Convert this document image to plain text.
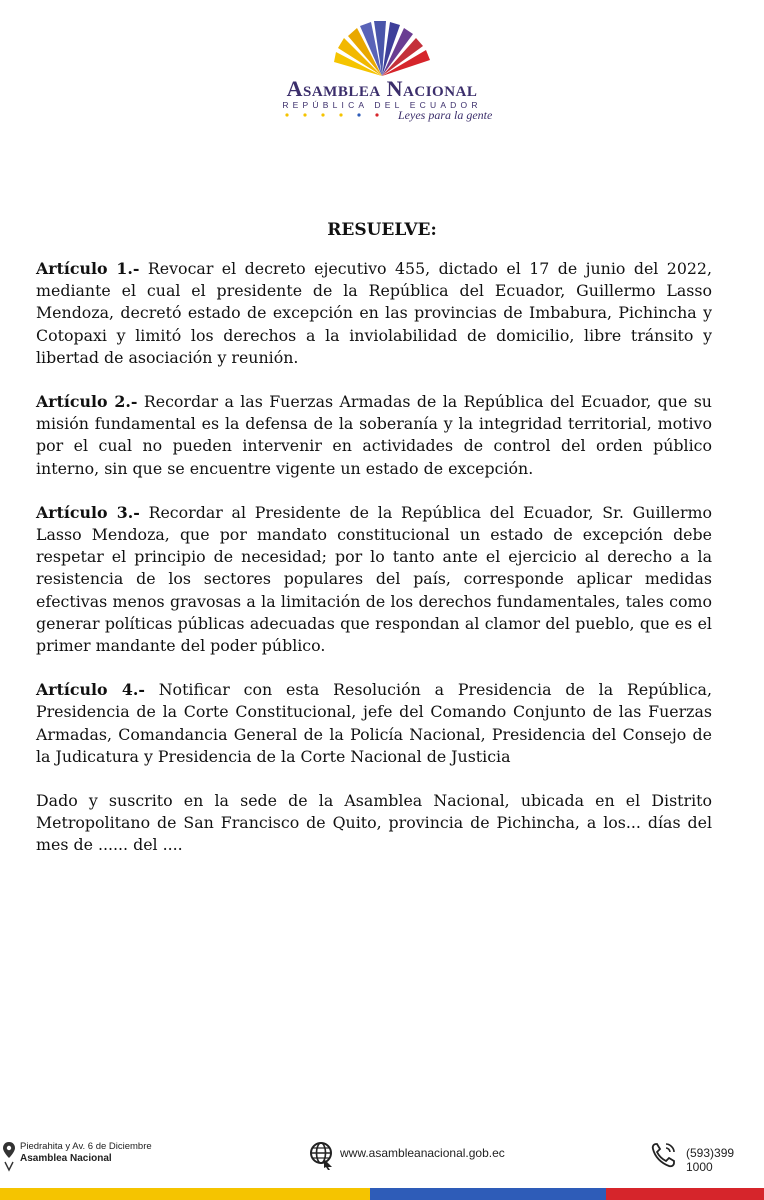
Asamblea Nacional
REPÚBLICA DEL ECUADOR
Leyes para la gente
RESUELVE:

Artículo 1.- Revocar el decreto ejecutivo 455, dictado el 17 de junio del 2022, mediante el cual el presidente de la República del Ecuador, Guillermo Lasso Mendoza, decretó estado de excepción en las provincias de Imbabura, Pichincha y Cotopaxi y limitó los derechos a la inviolabilidad de domicilio, libre tránsito y libertad de asociación y reunión.

Artículo 2.- Recordar a las Fuerzas Armadas de la República del Ecuador, que su misión fundamental es la defensa de la soberanía y la integridad territorial, motivo por el cual no pueden intervenir en actividades de control del orden público interno, sin que se encuentre vigente un estado de excepción.

Artículo 3.- Recordar al Presidente de la República del Ecuador, Sr. Guillermo Lasso Mendoza, que por mandato constitucional un estado de excepción debe respetar el principio de necesidad; por lo tanto ante el ejercicio al derecho a la resistencia de los sectores populares del país, corresponde aplicar medidas efectivas menos gravosas a la limitación de los derechos fundamentales, tales como generar políticas públicas adecuadas que respondan al clamor del pueblo, que es el primer mandante del poder público.

Artículo 4.- Notificar con esta Resolución a Presidencia de la República, Presidencia de la Corte Constitucional, jefe del Comando Conjunto de las Fuerzas Armadas, Comandancia General de la Policía Nacional, Presidencia del Consejo de la Judicatura y Presidencia de la Corte Nacional de Justicia

Dado y suscrito en la sede de la Asamblea Nacional, ubicada en el Distrito Metropolitano de San Francisco de Quito, provincia de Pichincha, a los... días del mes de ...... del ....

Piedrahita y Av. 6 de Diciembre
Asamblea Nacional	www.asambleanacional.gob.ec	(593)399 1000
